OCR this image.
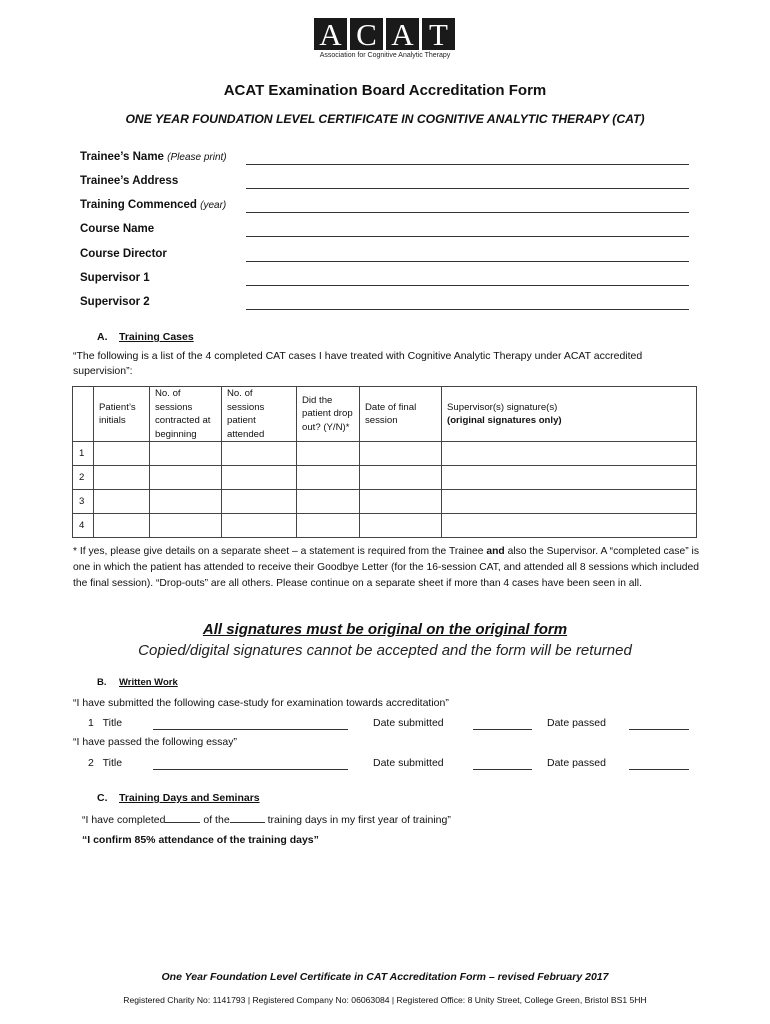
A C A T
Association for Cognitive Analytic Therapy
ACAT Examination Board Accreditation Form
ONE YEAR FOUNDATION LEVEL CERTIFICATE IN COGNITIVE ANALYTIC THERAPY (CAT)
Trainee’s Name (Please print)
Trainee’s Address
Training Commenced (year)
Course Name
Course Director
Supervisor 1
Supervisor 2
A. Training Cases
“The following is a list of the 4 completed CAT cases I have treated with Cognitive Analytic Therapy under ACAT accredited supervision”:
	Patient’s initials	No. of sessions contracted at beginning	No. of sessions patient attended	Did the patient drop out? (Y/N)*	Date of final session	Supervisor(s) signature(s)
(original signatures only)
1						
2						
3						
4						
* If yes, please give details on a separate sheet – a statement is required from the Trainee and also the Supervisor. A “completed case” is one in which the patient has attended to receive their Goodbye Letter (for the 16-session CAT, and attended all 8 sessions which included the final session). “Drop-outs” are all others. Please continue on a separate sheet if more than 4 cases have been seen in all.
All signatures must be original on the original form
Copied/digital signatures cannot be accepted and the form will be returned
B. Written Work
“I have submitted the following case-study for examination towards accreditation”
1 Title	Date submitted	Date passed
“I have passed the following essay”
2 Title	Date submitted	Date passed
C. Training Days and Seminars
“I have completed	of the	training days in my first year of training”
“I confirm 85% attendance of the training days”
One Year Foundation Level Certificate in CAT Accreditation Form – revised February 2017
Registered Charity No: 1141793 | Registered Company No: 06063084 | Registered Office: 8 Unity Street, College Green, Bristol BS1 5HH
